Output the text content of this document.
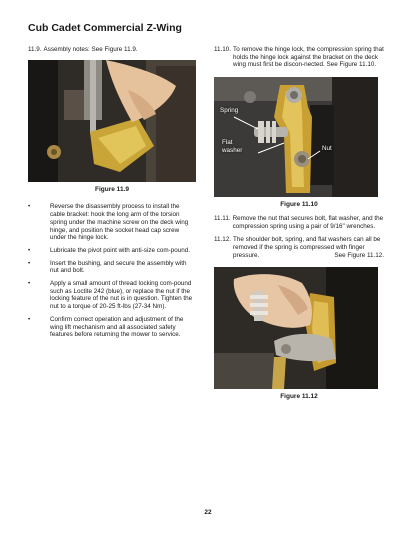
Cub Cadet Commercial Z-Wing
11.9. Assembly notes: See Figure 11.9.
Figure 11.9
•	Reverse the disassembly process to install the cable bracket: hook the long arm of the torsion spring under the machine screw on the deck wing hinge, and position the socket head cap screw under the hinge lock.
•	Lubricate the pivot point with anti-size com-pound.
•	Insert the bushing, and secure the assembly with nut and bolt.
•	Apply a small amount of thread locking com-pound such as Loctite 242 (blue), or replace the nut if the locking feature of the nut is in question. Tighten the nut to a torque of 20-25 ft-lbs (27-34 Nm).
•	Confirm correct operation and adjustment of the wing lift mechanism and all associated safety features before returning the mower to service.
11.10. To remove the hinge lock, the compression spring that holds the hinge lock against the bracket on the deck wing must first be discon-nected. See Figure 11.10.
Spring
Flat
washer	Nut
Figure 11.10
11.11. Remove the nut that secures bolt, flat washer, and the compression spring using a pair of 9/16" wrenches.
11.12. The shoulder bolt, spring, and flat washers can all be removed if the spring is compressed with finger pressure.	See Figure 11.12.
Figure 11.12
22
